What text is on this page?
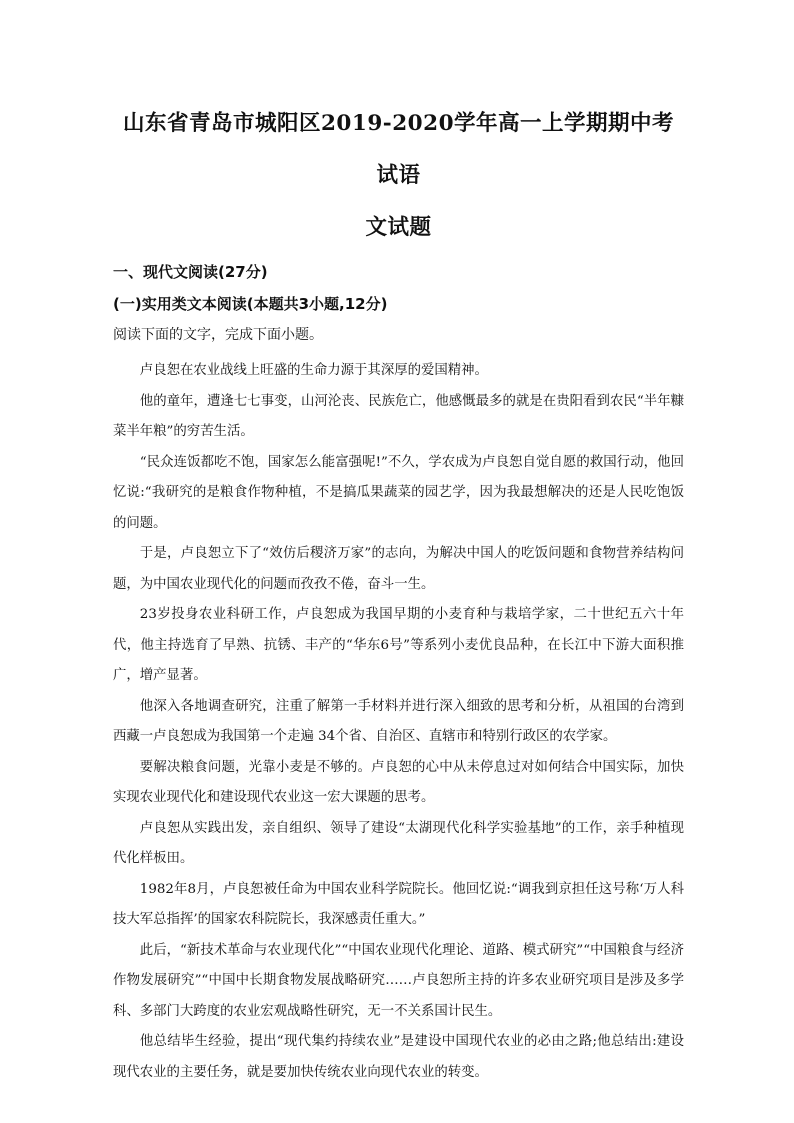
山东省青岛市城阳区2019-2020学年高一上学期期中考试语
文试题

一、现代文阅读(27分)

(一)实用类文本阅读(本题共3小题,12分)

阅读下面的文字，完成下面小题。

卢良恕在农业战线上旺盛的生命力源于其深厚的爱国精神。

他的童年，遭逢七七事变，山河沦丧、民族危亡，他感慨最多的就是在贵阳看到农民“半年糠菜半年粮”的穷苦生活。

“民众连饭都吃不饱，国家怎么能富强呢!”不久，学农成为卢良恕自觉自愿的救国行动，他回忆说:“我研究的是粮食作物种植，不是搞瓜果蔬菜的园艺学，因为我最想解决的还是人民吃饱饭的问题。

于是，卢良恕立下了“效仿后稷济万家”的志向，为解决中国人的吃饭问题和食物营养结构问题，为中国农业现代化的问题而孜孜不倦，奋斗一生。

23岁投身农业科研工作，卢良恕成为我国早期的小麦育种与栽培学家，二十世纪五六十年代，他主持选育了早熟、抗锈、丰产的“华东6号”等系列小麦优良品种，在长江中下游大面积推广，增产显著。

他深入各地调查研究，注重了解第一手材料并进行深入细致的思考和分析，从祖国的台湾到西藏一卢良恕成为我国第一个走遍 34个省、自治区、直辖市和特别行政区的农学家。

要解决粮食问题，光靠小麦是不够的。卢良恕的心中从未停息过对如何结合中国实际，加快实现农业现代化和建设现代农业这一宏大课题的思考。

卢良恕从实践出发，亲自组织、领导了建设“太湖现代化科学实验基地”的工作，亲手种植现代化样板田。

1982年8月，卢良恕被任命为中国农业科学院院长。他回忆说:“调我到京担任这号称‘万人科技大军总指挥’的国家农科院院长，我深感责任重大。”

此后，“新技术革命与农业现代化”“中国农业现代化理论、道路、模式研究”“中国粮食与经济作物发展研究”“中国中长期食物发展战略研究……卢良恕所主持的许多农业研究项目是涉及多学科、多部门大跨度的农业宏观战略性研究，无一不关系国计民生。

他总结毕生经验，提出“现代集约持续农业”是建设中国现代农业的必由之路;他总结出:建设现代农业的主要任务，就是要加快传统农业向现代农业的转变。
